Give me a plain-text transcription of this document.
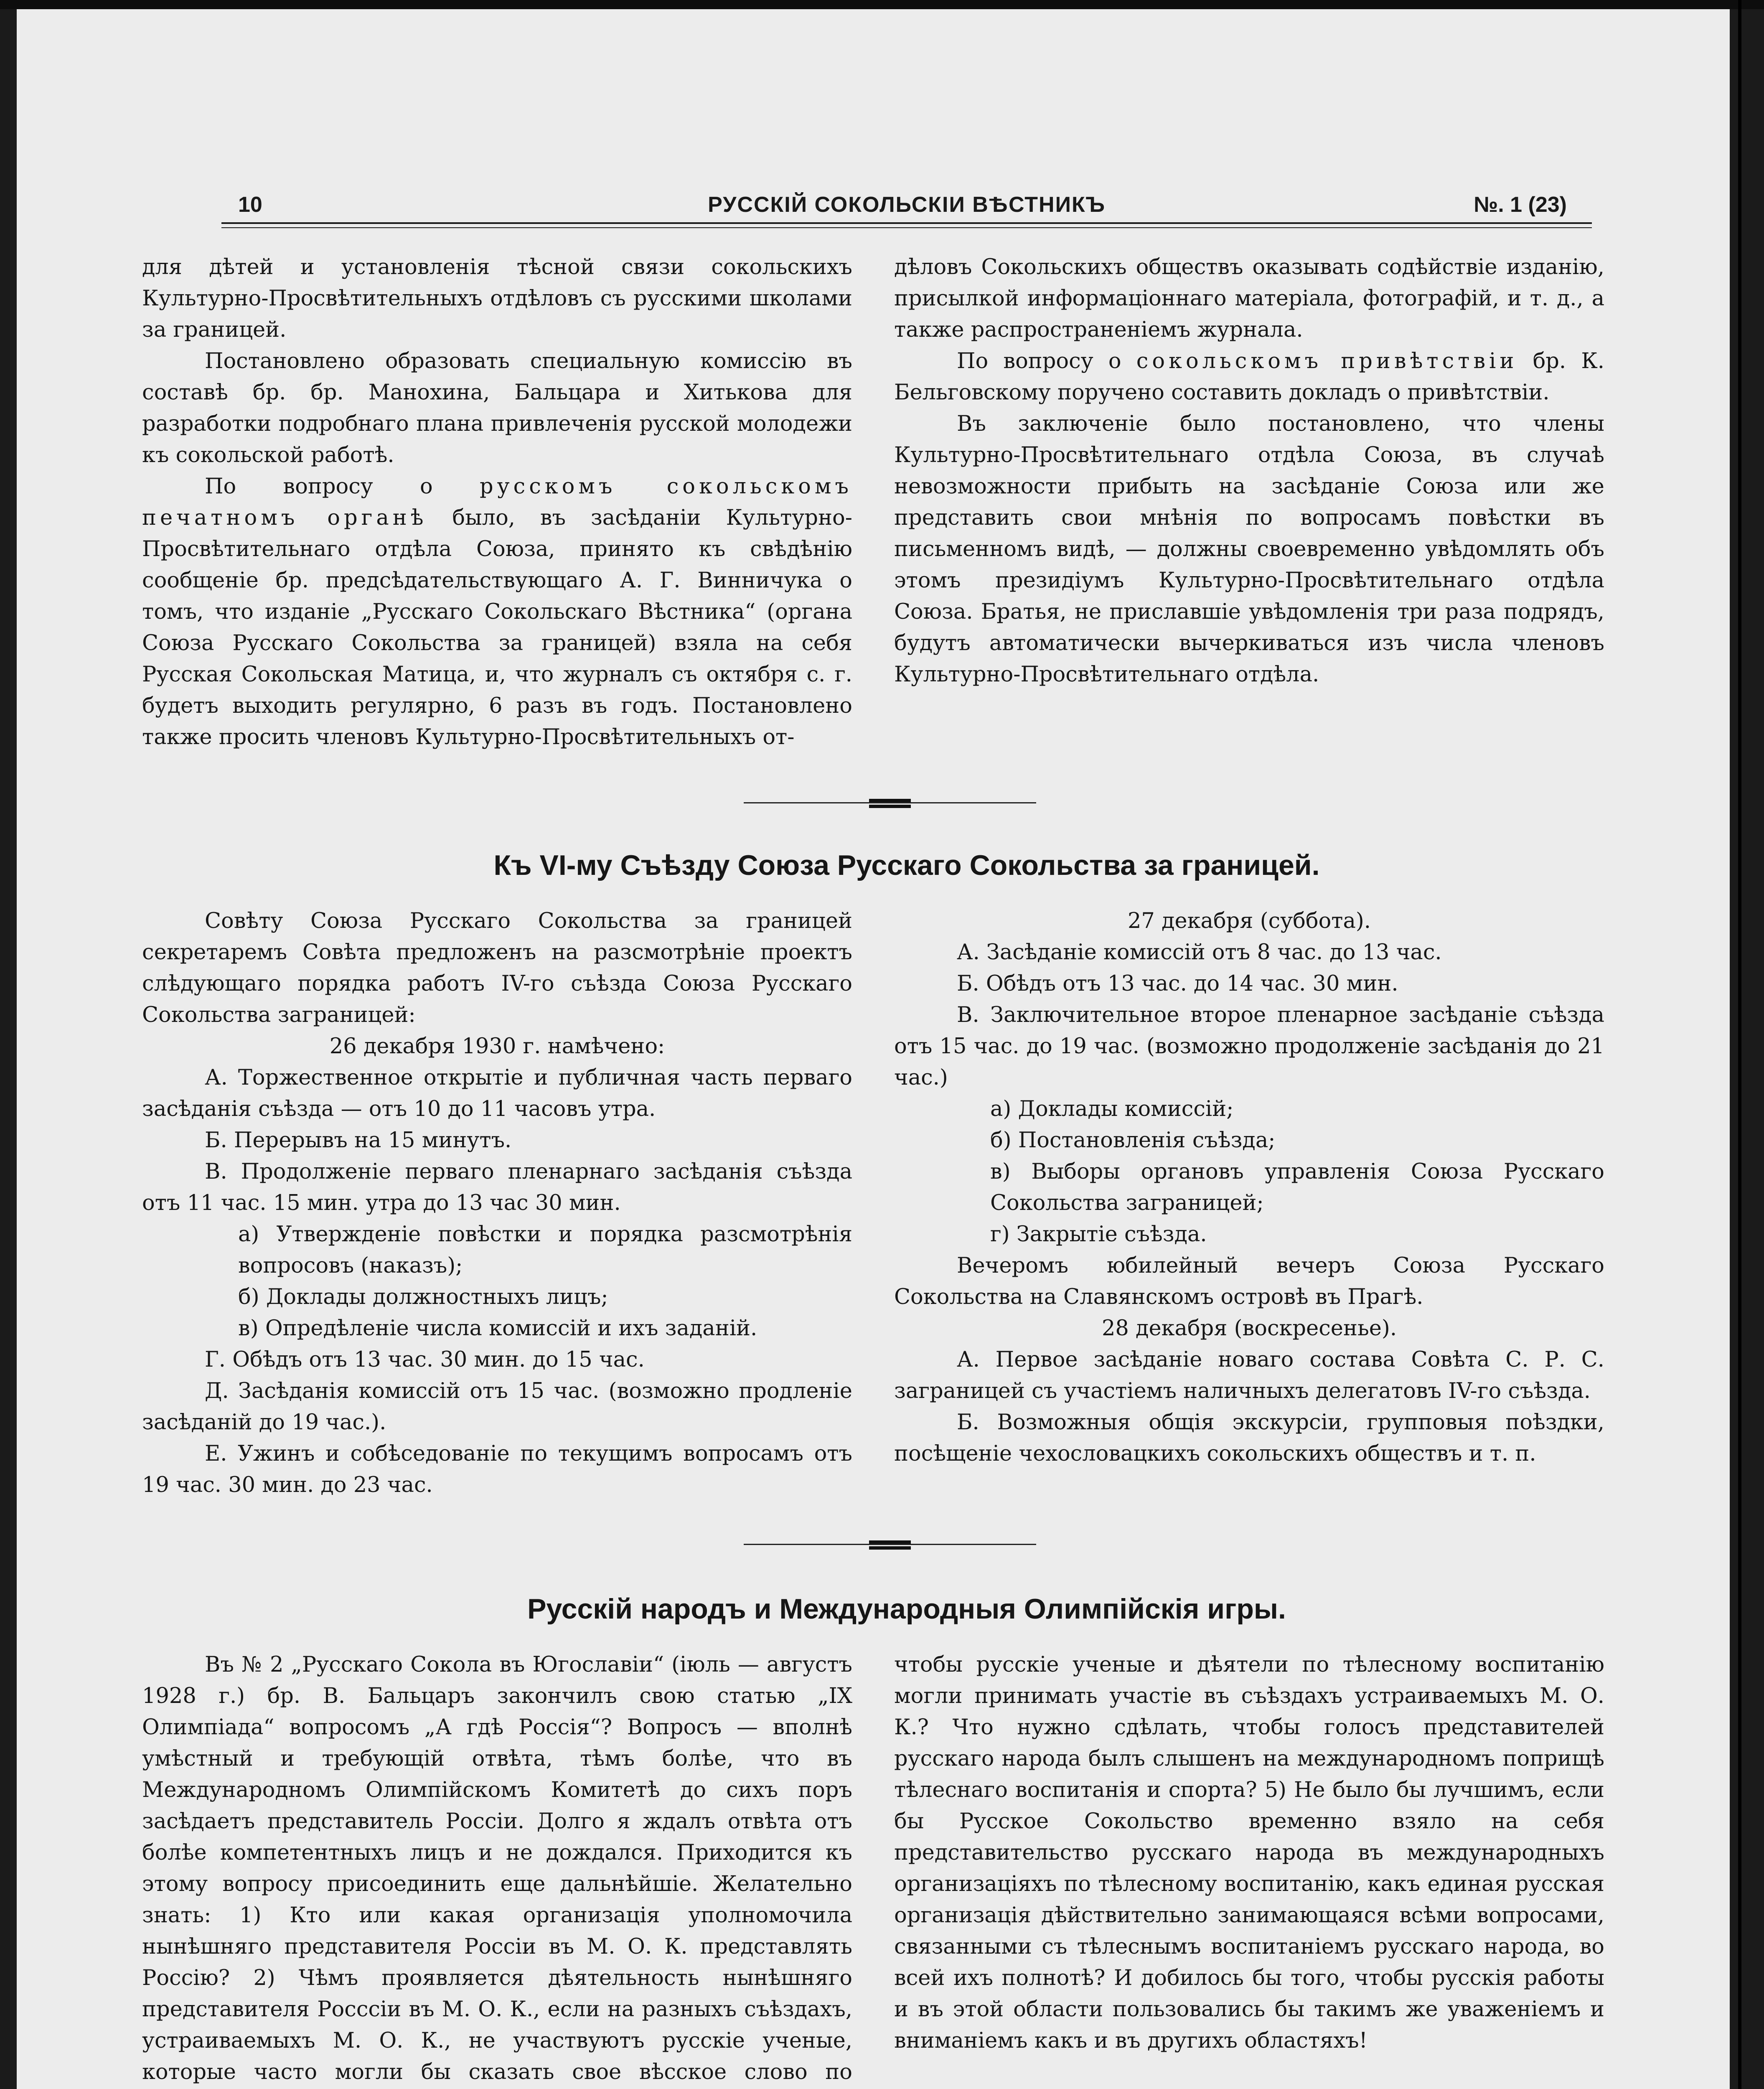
10	РУССКIЙ СОКОЛЬСКIИ ВѢСТНИКЪ	№. 1 (23)

для дѣтей и установленія тѣсной связи сокольскихъ Культурно-Просвѣтительныхъ отдѣловъ съ русскими школами за границей.

Постановлено образовать специальную комиссію въ составѣ бр. бр. Манохина, Бальцара и Хитькова для разработки подробнаго плана привлеченія русской молодежи къ сокольской работѣ.

По вопросу о русскомъ сокольскомъ печатномъ органѣ было, въ засѣданіи Культурно-Просвѣтительнаго отдѣла Союза, принято къ свѣдѣнію сообщеніе бр. предсѣдательствующаго А. Г. Винничука о томъ, что изданіе „Русскаго Сокольскаго Вѣстника“ (органа Союза Русскаго Сокольства за границей) взяла на себя Русская Сокольская Матица, и, что журналъ съ октября с. г. будетъ выходить регулярно, 6 разъ въ годъ. Постановлено также просить членовъ Культурно-Просвѣтительныхъ от-

дѣловъ Сокольскихъ обществъ оказывать содѣйствіе изданію, присылкой информаціоннаго матеріала, фотографій, и т. д., а также распространеніемъ журнала.

По вопросу о сокольскомъ привѣтствіи бр. К. Бельговскому поручено составить докладъ о привѣтствіи.

Въ заключеніе было постановлено, что члены Культурно-Просвѣтительнаго отдѣла Союза, въ случаѣ невозможности прибыть на засѣданіе Союза или же представить свои мнѣнія по вопросамъ повѣстки въ письменномъ видѣ, — должны своевременно увѣдомлять объ этомъ президіумъ Культурно-Просвѣтительнаго отдѣла Союза. Братья, не приславшіе увѣдомленія три раза подрядъ, будутъ автоматически вычеркиваться изъ числа членовъ Культурно-Просвѣтительнаго отдѣла.

Къ VI-му Съѣзду Союза Русскаго Сокольства за границей.

Совѣту Союза Русскаго Сокольства за границей секретаремъ Совѣта предложенъ на разсмотрѣніе проектъ слѣдующаго порядка работъ IV-го съѣзда Союза Русскаго Сокольства заграницей:

26 декабря 1930 г. намѣчено:

А. Торжественное открытіе и публичная часть перваго засѣданія съѣзда — отъ 10 до 11 часовъ утра.

Б. Перерывъ на 15 минутъ.

В. Продолженіе перваго пленарнаго засѣданія съѣзда отъ 11 час. 15 мин. утра до 13 час 30 мин.

а) Утвержденіе повѣстки и порядка разсмотрѣнія вопросовъ (наказъ);

б) Доклады должностныхъ лицъ;

в) Опредѣленіе числа комиссій и ихъ заданій.

Г. Обѣдъ отъ 13 час. 30 мин. до 15 час.

Д. Засѣданія комиссій отъ 15 час. (возможно продленіе засѣданій до 19 час.).

Е. Ужинъ и собѣседованіе по текущимъ вопросамъ отъ 19 час. 30 мин. до 23 час.

27 декабря (суббота).

А. Засѣданіе комиссій отъ 8 час. до 13 час.

Б. Обѣдъ отъ 13 час. до 14 час. 30 мин.

В. Заключительное второе пленарное засѣданіе съѣзда отъ 15 час. до 19 час. (возможно продолженіе засѣданія до 21 час.)

а) Доклады комиссій;

б) Постановленія съѣзда;

в) Выборы органовъ управленія Союза Русскаго Сокольства заграницей;

г) Закрытіе съѣзда.

Вечеромъ юбилейный вечеръ Союза Русскаго Сокольства на Славянскомъ островѣ въ Прагѣ.

28 декабря (воскресенье).

А. Первое засѣданіе новаго состава Совѣта С. Р. С. заграницей съ участіемъ наличныхъ делегатовъ IV-го съѣзда.

Б. Возможныя общія экскурсіи, групповыя поѣздки, посѣщеніе чехословацкихъ сокольскихъ обществъ и т. п.

Русскій народъ и Международныя Олимпійскія игры.

Въ № 2 „Русскаго Сокола въ Югославіи“ (іюль — августъ 1928 г.) бр. В. Бальцаръ закончилъ свою статью „IX Олимпіада“ вопросомъ „А гдѣ Россія“? Вопросъ — вполнѣ умѣстный и требующій отвѣта, тѣмъ болѣе, что въ Международномъ Олимпійскомъ Комитетѣ до сихъ поръ засѣдаетъ представитель Россіи. Долго я ждалъ отвѣта отъ болѣе компетентныхъ лицъ и не дождался. Приходится къ этому вопросу присоединить еще дальнѣйшіе. Желательно знать: 1) Кто или какая организація уполномочила нынѣшняго представителя Россіи въ М. О. К. представлять Россію? 2) Чѣмъ проявляется дѣятельность нынѣшняго представителя Росссіи въ М. О. К., если на разныхъ съѣздахъ, устраиваемыхъ М. О. К., не участвуютъ русскіе ученые, которые часто могли бы сказать свое вѣсское слово по

чтобы русскіе ученые и дѣятели по тѣлесному воспитанію могли принимать участіе въ съѣздахъ устраиваемыхъ М. О. К.? Что нужно сдѣлать, чтобы голосъ представителей русскаго народа былъ слышенъ на международномъ поприщѣ тѣлеснаго воспитанія и спорта? 5) Не было бы лучшимъ, если бы Русское Сокольство временно взяло на себя представительство русскаго народа въ международныхъ организаціяхъ по тѣлесному воспитанію, какъ единая русская организація дѣйствительно занимающаяся всѣми вопросами, связанными съ тѣлеснымъ воспитаніемъ русскаго народа, во всей ихъ полнотѣ? И добилось бы того, чтобы русскія работы и въ этой области пользовались бы такимъ же уваженіемъ и вниманіемъ какъ и въ другихъ областяхъ!
